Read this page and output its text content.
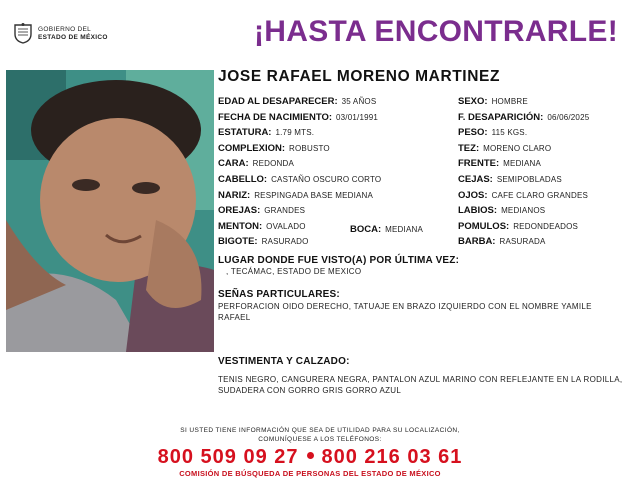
GOBIERNO DEL
ESTADO DE MÉXICO	¡HASTA ENCONTRARLE!
JOSE RAFAEL MORENO MARTINEZ
EDAD AL DESAPARECER: 35 AÑOS
FECHA DE NACIMIENTO: 03/01/1991
ESTATURA: 1.79 MTS.
COMPLEXION: ROBUSTO
CARA: REDONDA
CABELLO: CASTAÑO OSCURO CORTO
NARIZ: RESPINGADA BASE MEDIANA
OREJAS: GRANDES
MENTON: OVALADO	BOCA: MEDIANA
BIGOTE: RASURADO
SEXO: HOMBRE
F. DESAPARICIÓN: 06/06/2025
PESO: 115 KGS.
TEZ: MORENO CLARO
FRENTE: MEDIANA
CEJAS: SEMIPOBLADAS
OJOS: CAFE CLARO GRANDES
LABIOS: MEDIANOS
POMULOS: REDONDEADOS
BARBA: RASURADA
LUGAR DONDE FUE VISTO(A) POR ÚLTIMA VEZ:
, TECÁMAC, ESTADO DE MEXICO
SEÑAS PARTICULARES:
PERFORACION OIDO DERECHO, TATUAJE EN BRAZO IZQUIERDO CON EL NOMBRE YAMILE RAFAEL
VESTIMENTA Y CALZADO:
TENIS NEGRO, CANGURERA NEGRA, PANTALON AZUL MARINO CON REFLEJANTE EN LA RODILLA, SUDADERA CON GORRO GRIS GORRO AZUL
SI USTED TIENE INFORMACIÓN QUE SEA DE UTILIDAD PARA SU LOCALIZACIÓN,
COMUNÍQUESE A LOS TELÉFONOS:
800 509 09 27 800 216 03 61
COMISIÓN DE BÚSQUEDA DE PERSONAS DEL ESTADO DE MÉXICO
